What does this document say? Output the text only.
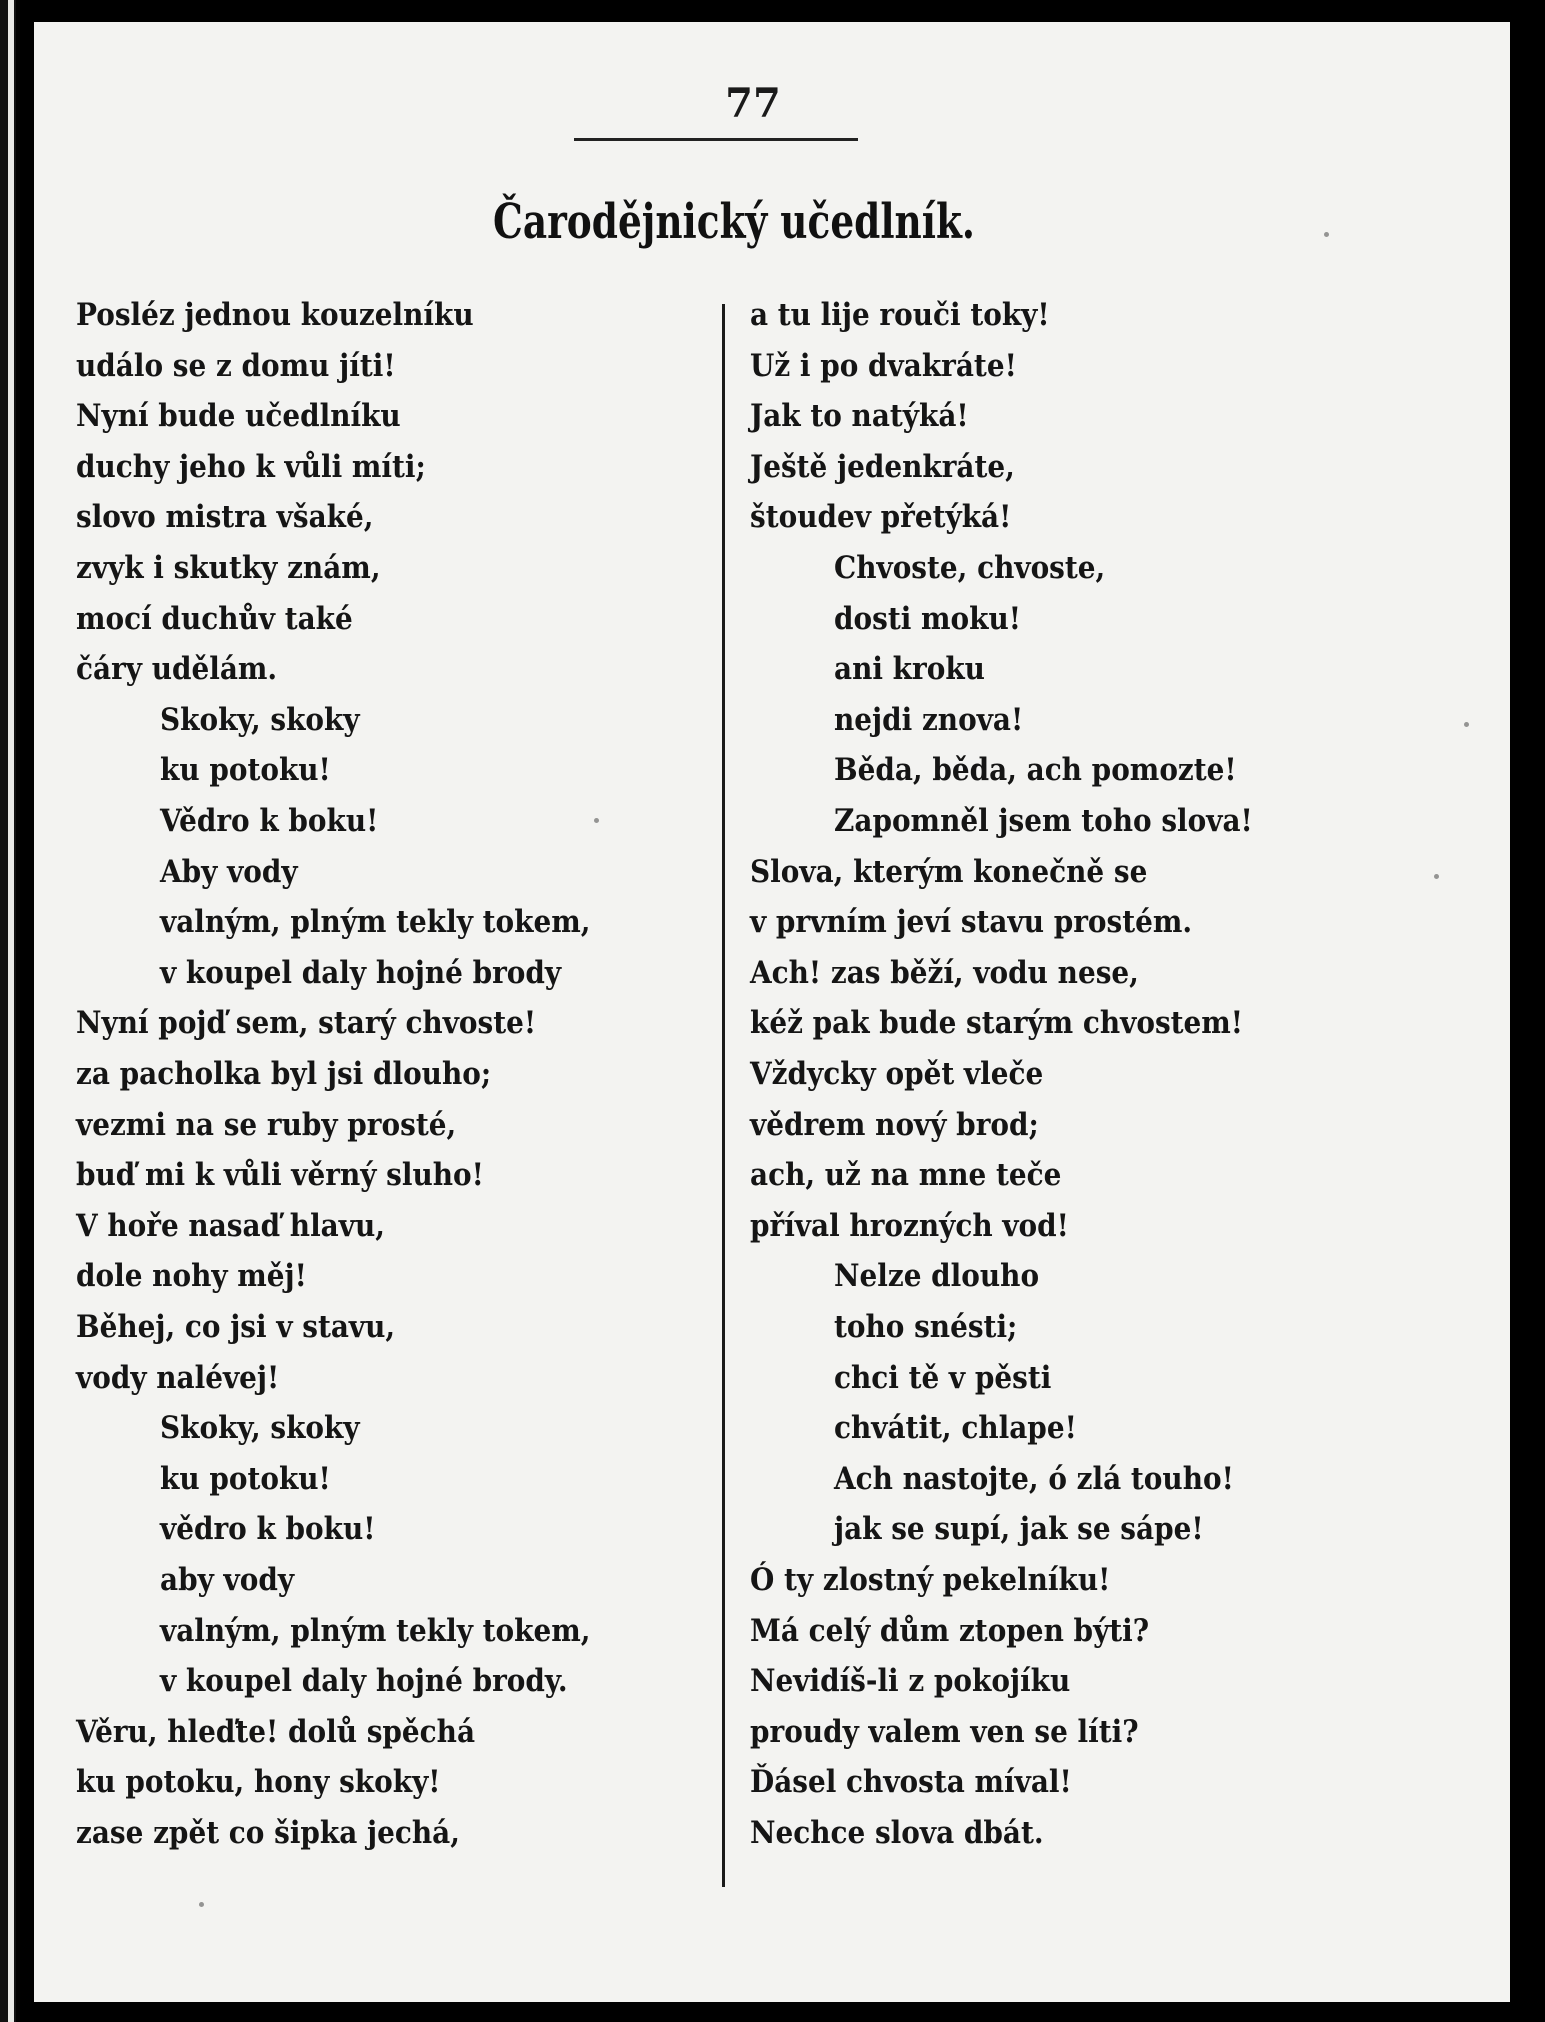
77
Čarodějnický učedlník.
Posléz jednou kouzelníku
událo se z domu jíti!
Nyní bude učedlníku
duchy jeho k vůli míti;
slovo mistra všaké,
zvyk i skutky znám,
mocí duchův také
čáry udělám.
Skoky, skoky
ku potoku!
Vědro k boku!
Aby vody
valným, plným tekly tokem,
v koupel daly hojné brody
Nyní pojď sem, starý chvoste!
za pacholka byl jsi dlouho;
vezmi na se ruby prosté,
buď mi k vůli věrný sluho!
V hoře nasaď hlavu,
dole nohy měj!
Běhej, co jsi v stavu,
vody nalévej!
Skoky, skoky
ku potoku!
vědro k boku!
aby vody
valným, plným tekly tokem,
v koupel daly hojné brody.
Věru, hleďte! dolů spěchá
ku potoku, hony skoky!
zase zpět co šipka jechá,
a tu lije rouči toky!
Už i po dvakráte!
Jak to natýká!
Ještě jedenkráte,
štoudev přetýká!
Chvoste, chvoste,
dosti moku!
ani kroku
nejdi znova!
Běda, běda, ach pomozte!
Zapomněl jsem toho slova!
Slova, kterým konečně se
v prvním jeví stavu prostém.
Ach! zas běží, vodu nese,
kéž pak bude starým chvostem!
Vždycky opět vleče
vědrem nový brod;
ach, už na mne teče
příval hrozných vod!
Nelze dlouho
toho snésti;
chci tě v pěsti
chvátit, chlape!
Ach nastojte, ó zlá touho!
jak se supí, jak se sápe!
Ó ty zlostný pekelníku!
Má celý dům ztopen býti?
Nevidíš-li z pokojíku
proudy valem ven se líti?
Ďásel chvosta míval!
Nechce slova dbát.
